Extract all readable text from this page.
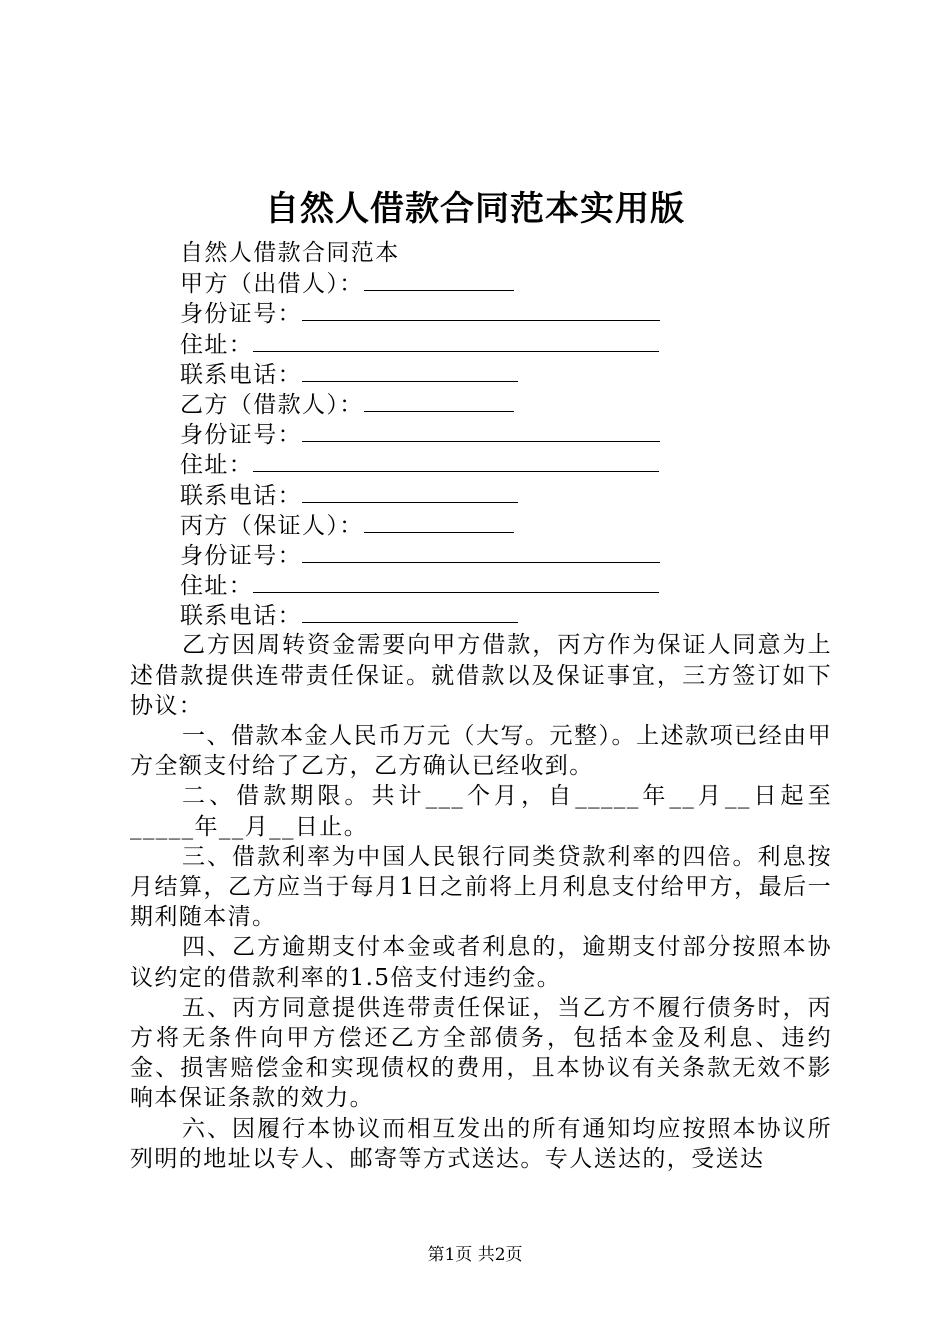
自然人借款合同范本实用版
自然人借款合同范本
甲方（出借人）：
身份证号：
住址：
联系电话：
乙方（借款人）：
身份证号：
住址：
联系电话：
丙方（保证人）：
身份证号：
住址：
联系电话：

乙方因周转资金需要向甲方借款，丙方作为保证人同意为上述借款提供连带责任保证。就借款以及保证事宜，三方签订如下协议：

一、借款本金人民币万元（大写。元整）。上述款项已经由甲方全额支付给了乙方，乙方确认已经收到。

二、借款期限。共计___个月，自_____年__月__日起至_____年__月__日止。

三、借款利率为中国人民银行同类贷款利率的四倍。利息按月结算，乙方应当于每月1日之前将上月利息支付给甲方，最后一期利随本清。

四、乙方逾期支付本金或者利息的，逾期支付部分按照本协议约定的借款利率的1.5倍支付违约金。

五、丙方同意提供连带责任保证，当乙方不履行债务时，丙方将无条件向甲方偿还乙方全部债务，包括本金及利息、违约金、损害赔偿金和实现债权的费用，且本协议有关条款无效不影响本保证条款的效力。

六、因履行本协议而相互发出的所有通知均应按照本协议所列明的地址以专人、邮寄等方式送达。专人送达的，受送达

第1页 共2页
